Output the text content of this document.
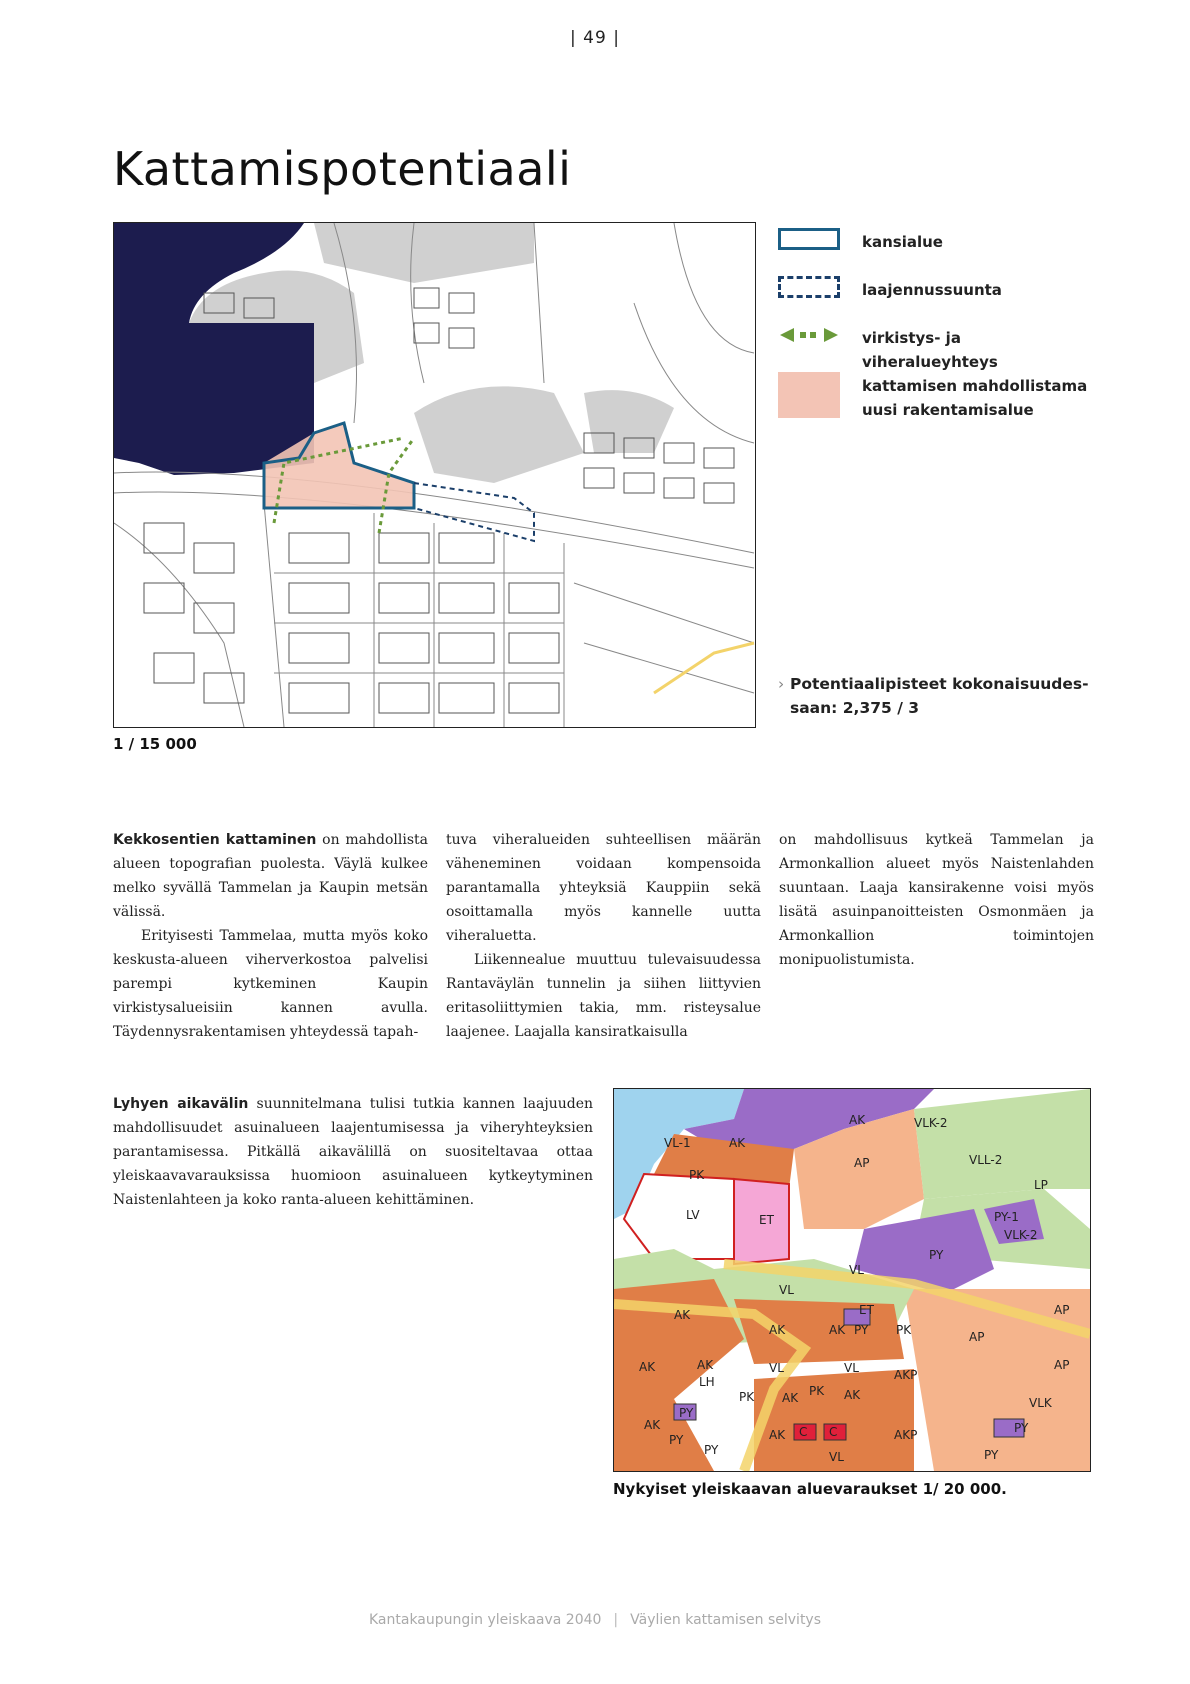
| 49 |
Kattamispotentiaali
1 / 15 000
kansialue
laajennussuunta
virkistys- ja viheralueyhteys
kattamisen mahdollistama uusi rakentamisalue
› Potentiaalipisteet kokonaisuudes-
saan: 2,375 / 3

Kekkosentien kattaminen on mahdollista alueen topografian puolesta. Väylä kulkee melko syvällä Tammelan ja Kaupin metsän välissä.

Erityisesti Tammelaa, mutta myös koko keskusta-alueen viherverkostoa palvelisi parempi kytkeminen Kaupin virkistysalueisiin kannen avulla. Täydennysrakentamisen yhteydessä tapah-

tuva viheralueiden suhteellisen määrän väheneminen voidaan kompensoida parantamalla yhteyksiä Kauppiin sekä osoittamalla myös kannelle uutta viheraluetta.

Liikennealue muuttuu tulevaisuudessa Rantaväylän tunnelin ja siihen liittyvien eritasoliittymien takia, mm. risteysalue laajenee. Laajalla kansiratkaisulla

on mahdollisuus kytkeä Tammelan ja Armonkallion alueet myös Naistenlahden suuntaan. Laaja kansirakenne voisi myös lisätä asuinpanoitteisten Osmonmäen ja Armonkallion toimintojen monipuolistumista.

Lyhyen aikavälin suunnitelmana tulisi tutkia kannen laajuuden mahdollisuudet asuinalueen laajentumisessa ja viheryhteyksien parantamisessa. Pitkällä aikavälillä on suositeltavaa ottaa yleiskaavavarauksissa huomioon asuinalueen kytkeytyminen Naistenlahteen ja koko ranta-alueen kehittäminen.

AK
AK
AP
VLK-2
VLL-2
VL-1
PK
LV	ET
LP
PY-1
VLK-2
PY
VL
VL
AK
AK	AK PY PK
ET	AP
AP
AP
AK	AK	VL	VL	AKP
PY
PK AK PK AK
VLK
AK	PY
AK C C	AKP
PY
PY	PY
VL
LH
Nykyiset yleiskaavan aluevaraukset 1/ 20 000.
Kantakaupungin yleiskaava 2040 | Väylien kattamisen selvitys
